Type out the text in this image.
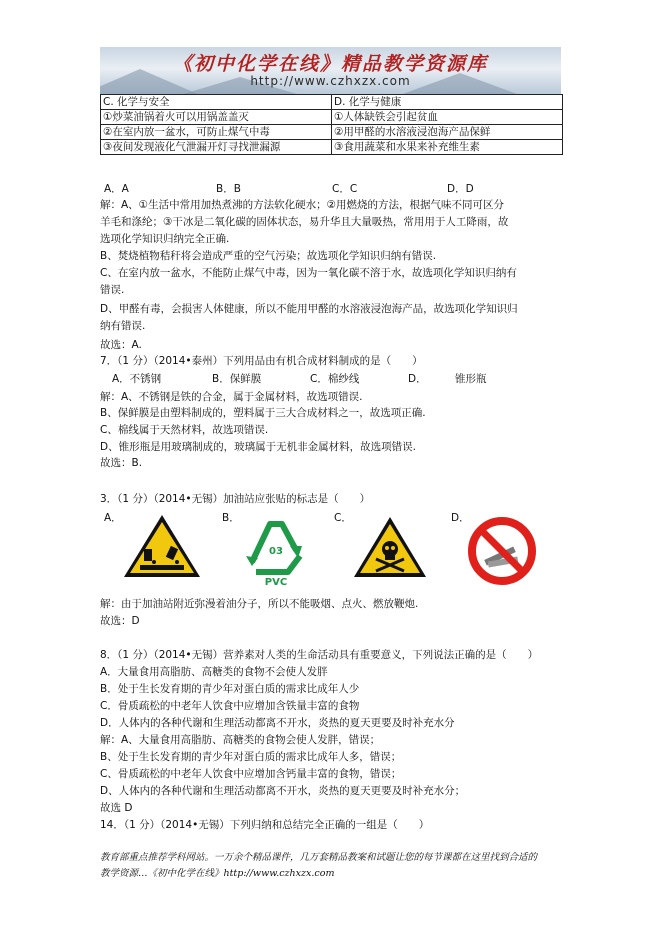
《初中化学在线》精品教学资源库
http://www.czhxzx.com
C. 化学与安全	D. 化学与健康
①炒菜油锅着火可以用锅盖盖灭	①人体缺铁会引起贫血
②在室内放一盆水，可防止煤气中毒	②用甲醛的水溶液浸泡海产品保鲜
③夜间发现液化气泄漏开灯寻找泄漏源	③食用蔬菜和水果来补充维生素
A．A	B．B	C．C	D．D
解：A、①生活中常用加热煮沸的方法软化硬水；②用燃烧的方法，根据气味不同可区分
羊毛和涤纶；③干冰是二氧化碳的固体状态，易升华且大量吸热，常用用于人工降雨，故
选项化学知识归纳完全正确.
B、焚烧植物秸秆将会造成严重的空气污染；故选项化学知识归纳有错误.
C、在室内放一盆水，不能防止煤气中毒，因为一氧化碳不溶于水，故选项化学知识归纳有
错误.
D、甲醛有毒，会损害人体健康，所以不能用甲醛的水溶液浸泡海产品，故选项化学知识归
纳有错误.
故选：A.
7．（1 分）（2014•泰州）下列用品由有机合成材料制成的是（　　）
A．不锈钢	B．保鲜膜	C．棉纱线	D．	锥形瓶
解：A、不锈钢是铁的合金，属于金属材料，故选项错误.
B、保鲜膜是由塑料制成的，塑料属于三大合成材料之一，故选项正确.
C、棉线属于天然材料，故选项错误.
D、锥形瓶是用玻璃制成的，玻璃属于无机非金属材料，故选项错误.
故选：B.
3．（1 分）（2014•无锡）加油站应张贴的标志是（　　）
A．	B．	C．	D．
03
PVC
解：由于加油站附近弥漫着油分子，所以不能吸烟、点火、燃放鞭炮.
故选：D
8．（1 分）（2014•无锡）营养素对人类的生命活动具有重要意义，下列说法正确的是（　　）
A．大量食用高脂肪、高糖类的食物不会使人发胖
B．处于生长发育期的青少年对蛋白质的需求比成年人少
C．骨质疏松的中老年人饮食中应增加含铁量丰富的食物
D．人体内的各种代谢和生理活动都离不开水，炎热的夏天更要及时补充水分
解：A、大量食用高脂肪、高糖类的食物会使人发胖，错误；
B、处于生长发育期的青少年对蛋白质的需求比成年人多，错误；
C、骨质疏松的中老年人饮食中应增加含钙量丰富的食物，错误；
D、人体内的各种代谢和生理活动都离不开水，炎热的夏天更要及时补充水分；
故选 D
14．（1 分）（2014•无锡）下列归纳和总结完全正确的一组是（　　）
教育部重点推荐学科网站。一万余个精品课件，几万套精品教案和试题让您的每节课都在这里找到合适的
教学资源…《初中化学在线》http://www.czhxzx.com
